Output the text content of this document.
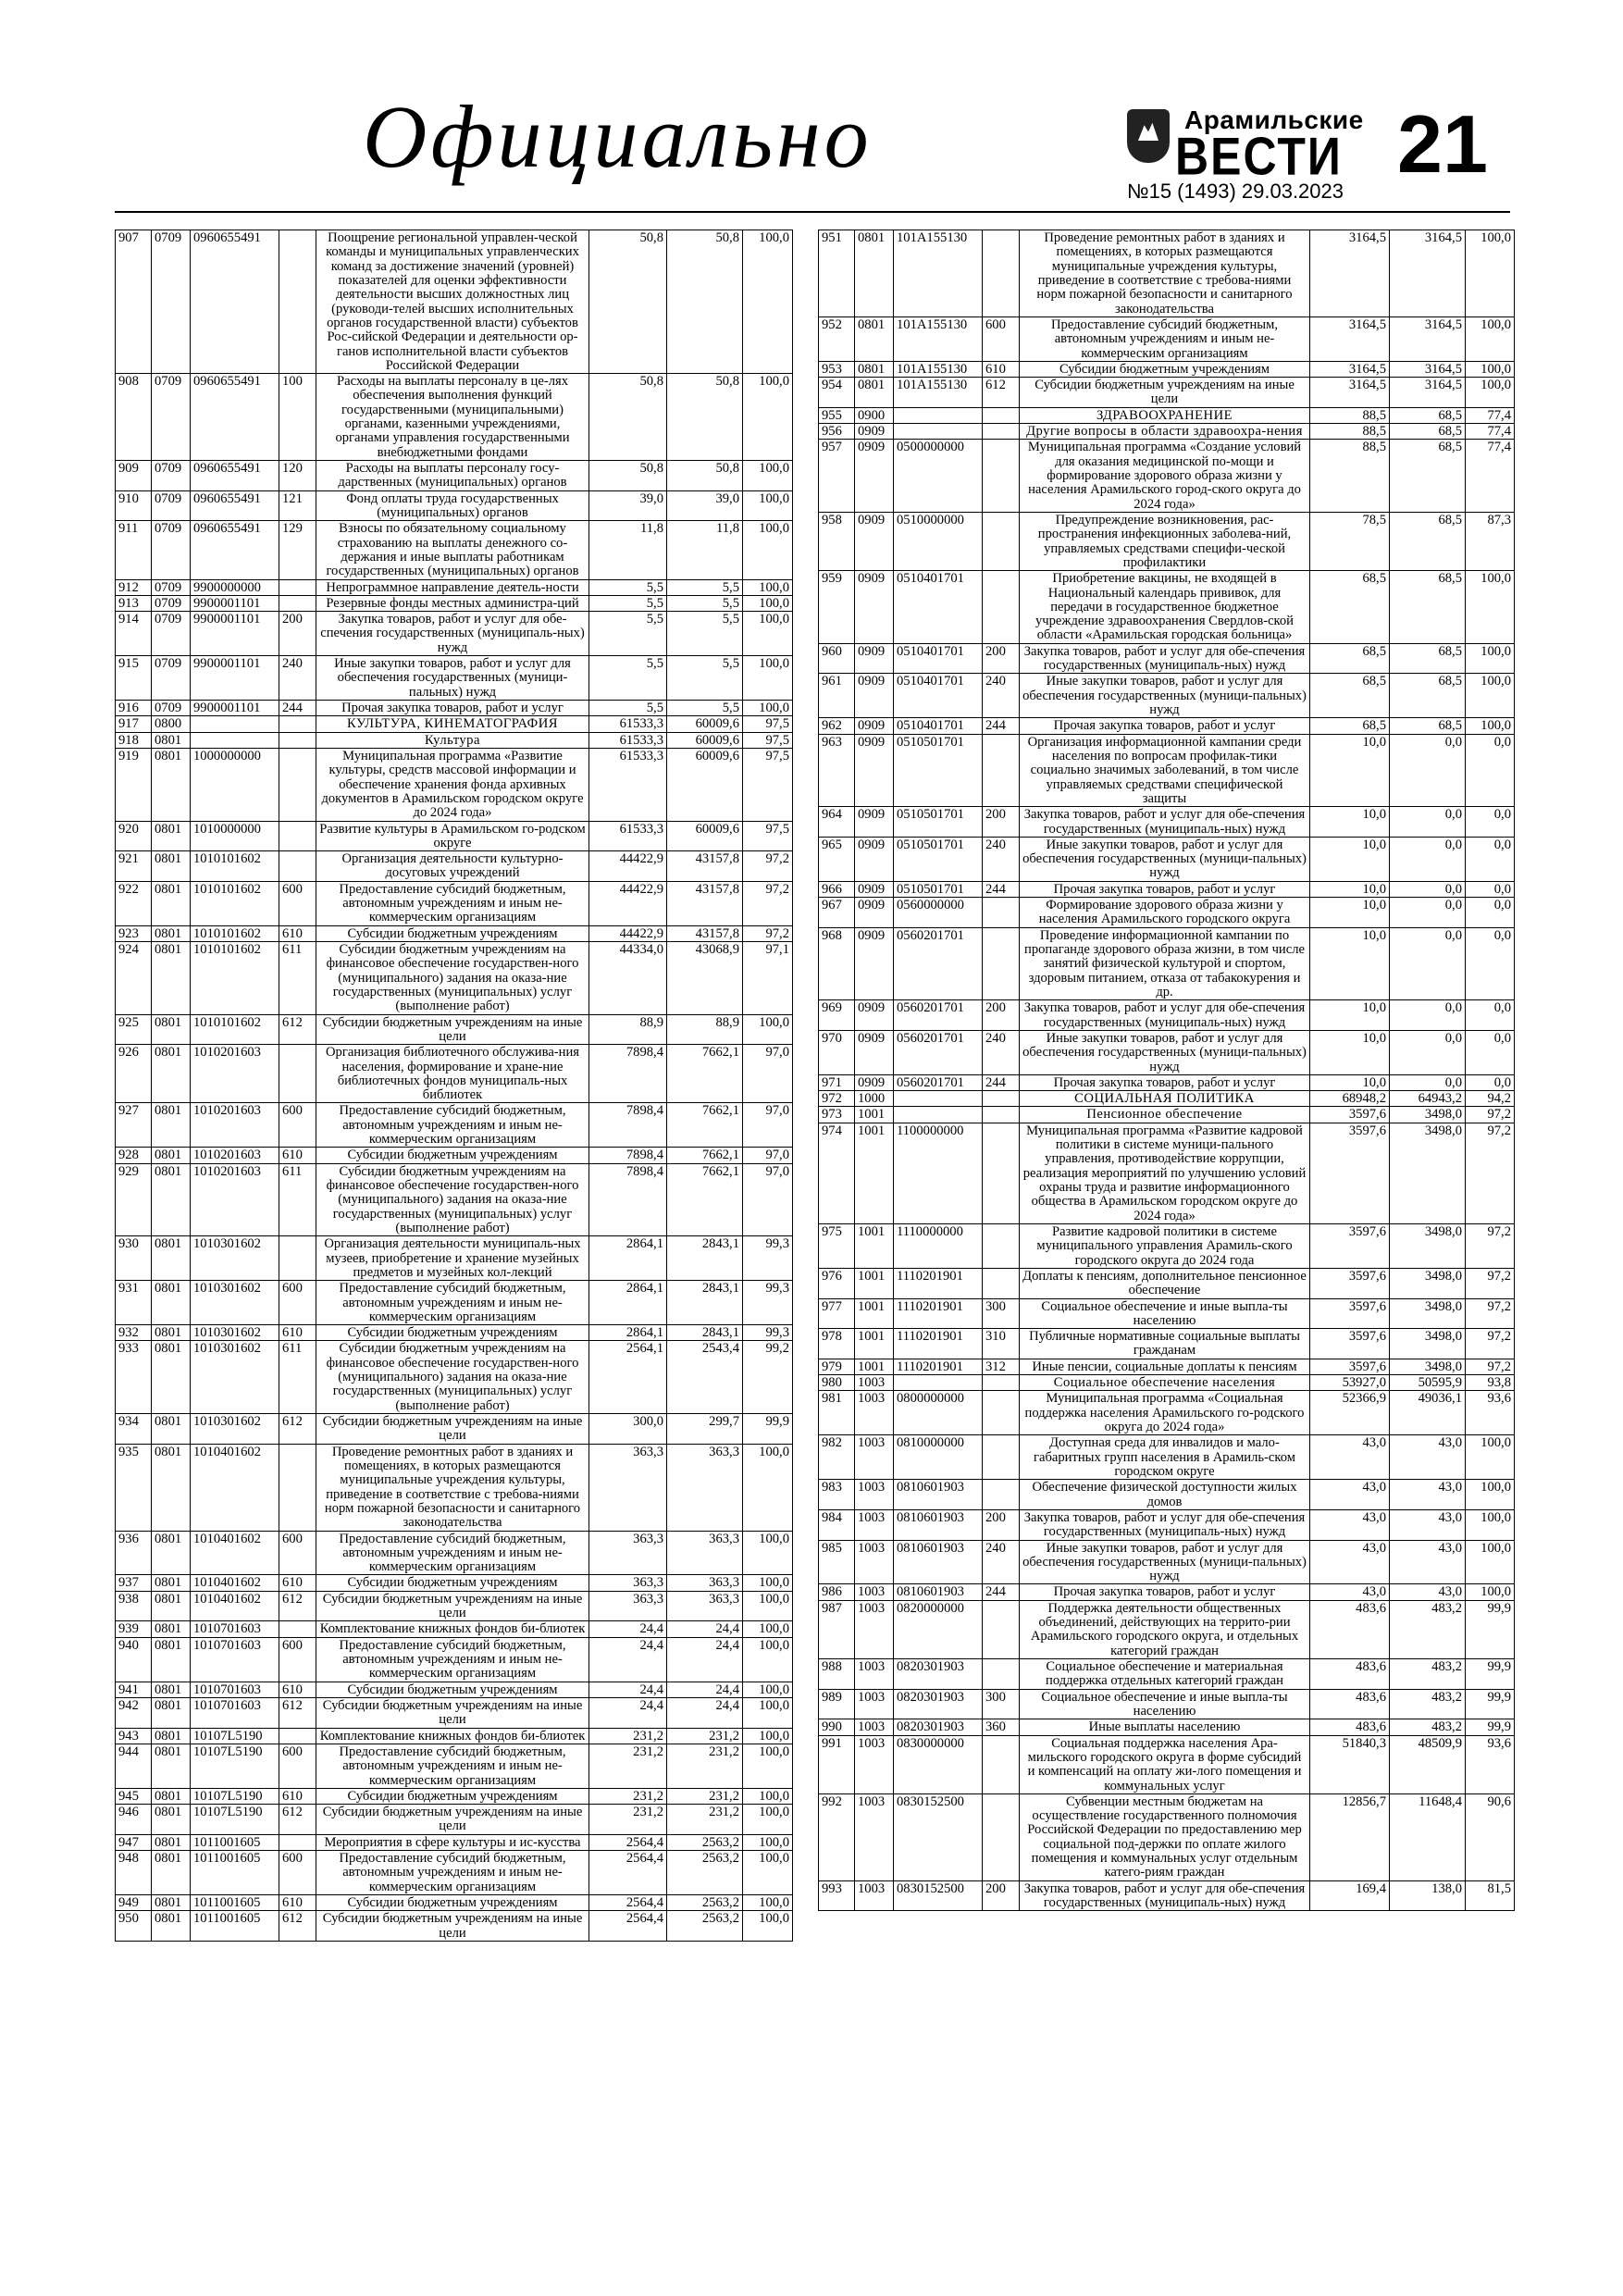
Официально	Арамильские
ВЕСТИ 21
№15 (1493) 29.03.2023
907	0709	0960655491		Поощрение региональной управлен-ческой команды и муниципальных управленческих команд за достижение значений (уровней) показателей для оценки эффективности деятельности высших должностных лиц (руководи-телей высших исполнительных органов государственной власти) субъектов Рос-сийской Федерации и деятельности ор-ганов исполнительной власти субъектов Российской Федерации	50,8	50,8	100,0
908	0709	0960655491	100	Расходы на выплаты персоналу в це-лях обеспечения выполнения функций государственными (муниципальными) органами, казенными учреждениями, органами управления государственными внебюджетными фондами	50,8	50,8	100,0
909	0709	0960655491	120	Расходы на выплаты персоналу госу-дарственных (муниципальных) органов	50,8	50,8	100,0
910	0709	0960655491	121	Фонд оплаты труда государственных (муниципальных) органов	39,0	39,0	100,0
911	0709	0960655491	129	Взносы по обязательному социальному страхованию на выплаты денежного со-держания и иные выплаты работникам государственных (муниципальных) органов	11,8	11,8	100,0
912	0709	9900000000		Непрограммное направление деятель-ности	5,5	5,5	100,0
913	0709	9900001101		Резервные фонды местных администра-ций	5,5	5,5	100,0
914	0709	9900001101	200	Закупка товаров, работ и услуг для обе-спечения государственных (муниципаль-ных) нужд	5,5	5,5	100,0
915	0709	9900001101	240	Иные закупки товаров, работ и услуг для обеспечения государственных (муници-пальных) нужд	5,5	5,5	100,0
916	0709	9900001101	244	Прочая закупка товаров, работ и услуг	5,5	5,5	100,0
917	0800			КУЛЬТУРА, КИНЕМАТОГРАФИЯ	61533,3	60009,6	97,5
918	0801			Культура	61533,3	60009,6	97,5
919	0801	1000000000		Муниципальная программа «Развитие культуры, средств массовой информации и обеспечение хранения фонда архивных документов в Арамильском городском округе до 2024 года»	61533,3	60009,6	97,5
920	0801	1010000000		Развитие культуры в Арамильском го-родском округе	61533,3	60009,6	97,5
921	0801	1010101602		Организация деятельности культурно-досуговых учреждений	44422,9	43157,8	97,2
922	0801	1010101602	600	Предоставление субсидий бюджетным, автономным учреждениям и иным не-коммерческим организациям	44422,9	43157,8	97,2
923	0801	1010101602	610	Субсидии бюджетным учреждениям	44422,9	43157,8	97,2
924	0801	1010101602	611	Субсидии бюджетным учреждениям на финансовое обеспечение государствен-ного (муниципального) задания на оказа-ние государственных (муниципальных) услуг (выполнение работ)	44334,0	43068,9	97,1
925	0801	1010101602	612	Субсидии бюджетным учреждениям на иные цели	88,9	88,9	100,0
926	0801	1010201603		Организация библиотечного обслужива-ния населения, формирование и хране-ние библиотечных фондов муниципаль-ных библиотек	7898,4	7662,1	97,0
927	0801	1010201603	600	Предоставление субсидий бюджетным, автономным учреждениям и иным не-коммерческим организациям	7898,4	7662,1	97,0
928	0801	1010201603	610	Субсидии бюджетным учреждениям	7898,4	7662,1	97,0
929	0801	1010201603	611	Субсидии бюджетным учреждениям на финансовое обеспечение государствен-ного (муниципального) задания на оказа-ние государственных (муниципальных) услуг (выполнение работ)	7898,4	7662,1	97,0
930	0801	1010301602		Организация деятельности муниципаль-ных музеев, приобретение и хранение музейных предметов и музейных кол-лекций	2864,1	2843,1	99,3
931	0801	1010301602	600	Предоставление субсидий бюджетным, автономным учреждениям и иным не-коммерческим организациям	2864,1	2843,1	99,3
932	0801	1010301602	610	Субсидии бюджетным учреждениям	2864,1	2843,1	99,3
933	0801	1010301602	611	Субсидии бюджетным учреждениям на финансовое обеспечение государствен-ного (муниципального) задания на оказа-ние государственных (муниципальных) услуг (выполнение работ)	2564,1	2543,4	99,2
934	0801	1010301602	612	Субсидии бюджетным учреждениям на иные цели	300,0	299,7	99,9
935	0801	1010401602		Проведение ремонтных работ в зданиях и помещениях, в которых размещаются муниципальные учреждения культуры, приведение в соответствие с требова-ниями норм пожарной безопасности и санитарного законодательства	363,3	363,3	100,0
936	0801	1010401602	600	Предоставление субсидий бюджетным, автономным учреждениям и иным не-коммерческим организациям	363,3	363,3	100,0
937	0801	1010401602	610	Субсидии бюджетным учреждениям	363,3	363,3	100,0
938	0801	1010401602	612	Субсидии бюджетным учреждениям на иные цели	363,3	363,3	100,0
939	0801	1010701603		Комплектование книжных фондов би-блиотек	24,4	24,4	100,0
940	0801	1010701603	600	Предоставление субсидий бюджетным, автономным учреждениям и иным не-коммерческим организациям	24,4	24,4	100,0
941	0801	1010701603	610	Субсидии бюджетным учреждениям	24,4	24,4	100,0
942	0801	1010701603	612	Субсидии бюджетным учреждениям на иные цели	24,4	24,4	100,0
943	0801	10107L5190		Комплектование книжных фондов би-блиотек	231,2	231,2	100,0
944	0801	10107L5190	600	Предоставление субсидий бюджетным, автономным учреждениям и иным не-коммерческим организациям	231,2	231,2	100,0
945	0801	10107L5190	610	Субсидии бюджетным учреждениям	231,2	231,2	100,0
946	0801	10107L5190	612	Субсидии бюджетным учреждениям на иные цели	231,2	231,2	100,0
947	0801	1011001605		Мероприятия в сфере культуры и ис-кусства	2564,4	2563,2	100,0
948	0801	1011001605	600	Предоставление субсидий бюджетным, автономным учреждениям и иным не-коммерческим организациям	2564,4	2563,2	100,0
949	0801	1011001605	610	Субсидии бюджетным учреждениям	2564,4	2563,2	100,0
950	0801	1011001605	612	Субсидии бюджетным учреждениям на иные цели	2564,4	2563,2	100,0
951	0801	101A155130		Проведение ремонтных работ в зданиях и помещениях, в которых размещаются муниципальные учреждения культуры, приведение в соответствие с требова-ниями норм пожарной безопасности и санитарного законодательства	3164,5	3164,5	100,0
952	0801	101A155130	600	Предоставление субсидий бюджетным, автономным учреждениям и иным не-коммерческим организациям	3164,5	3164,5	100,0
953	0801	101A155130	610	Субсидии бюджетным учреждениям	3164,5	3164,5	100,0
954	0801	101A155130	612	Субсидии бюджетным учреждениям на иные цели	3164,5	3164,5	100,0
955	0900			ЗДРАВООХРАНЕНИЕ	88,5	68,5	77,4
956	0909			Другие вопросы в области здравоохра-нения	88,5	68,5	77,4
957	0909	0500000000		Муниципальная программа «Создание условий для оказания медицинской по-мощи и формирование здорового образа жизни у населения Арамильского город-ского округа до 2024 года»	88,5	68,5	77,4
958	0909	0510000000		Предупреждение возникновения, рас-пространения инфекционных заболева-ний, управляемых средствами специфи-ческой профилактики	78,5	68,5	87,3
959	0909	0510401701		Приобретение вакцины, не входящей в Национальный календарь прививок, для передачи в государственное бюджетное учреждение здравоохранения Свердлов-ской области «Арамильская городская больница»	68,5	68,5	100,0
960	0909	0510401701	200	Закупка товаров, работ и услуг для обе-спечения государственных (муниципаль-ных) нужд	68,5	68,5	100,0
961	0909	0510401701	240	Иные закупки товаров, работ и услуг для обеспечения государственных (муници-пальных) нужд	68,5	68,5	100,0
962	0909	0510401701	244	Прочая закупка товаров, работ и услуг	68,5	68,5	100,0
963	0909	0510501701		Организация информационной кампании среди населения по вопросам профилак-тики социально значимых заболеваний, в том числе управляемых средствами специфической защиты	10,0	0,0	0,0
964	0909	0510501701	200	Закупка товаров, работ и услуг для обе-спечения государственных (муниципаль-ных) нужд	10,0	0,0	0,0
965	0909	0510501701	240	Иные закупки товаров, работ и услуг для обеспечения государственных (муници-пальных) нужд	10,0	0,0	0,0
966	0909	0510501701	244	Прочая закупка товаров, работ и услуг	10,0	0,0	0,0
967	0909	0560000000		Формирование здорового образа жизни у населения Арамильского городского округа	10,0	0,0	0,0
968	0909	0560201701		Проведение информационной кампании по пропаганде здорового образа жизни, в том числе занятий физической культурой и спортом, здоровым питанием, отказа от табакокурения и др.	10,0	0,0	0,0
969	0909	0560201701	200	Закупка товаров, работ и услуг для обе-спечения государственных (муниципаль-ных) нужд	10,0	0,0	0,0
970	0909	0560201701	240	Иные закупки товаров, работ и услуг для обеспечения государственных (муници-пальных) нужд	10,0	0,0	0,0
971	0909	0560201701	244	Прочая закупка товаров, работ и услуг	10,0	0,0	0,0
972	1000			СОЦИАЛЬНАЯ ПОЛИТИКА	68948,2	64943,2	94,2
973	1001			Пенсионное обеспечение	3597,6	3498,0	97,2
974	1001	1100000000		Муниципальная программа «Развитие кадровой политики в системе муници-пального управления, противодействие коррупции, реализация мероприятий по улучшению условий охраны труда и развитие информационного общества в Арамильском городском округе до 2024 года»	3597,6	3498,0	97,2
975	1001	1110000000		Развитие кадровой политики в системе муниципального управления Арамиль-ского городского округа до 2024 года	3597,6	3498,0	97,2
976	1001	1110201901		Доплаты к пенсиям, дополнительное пенсионное обеспечение	3597,6	3498,0	97,2
977	1001	1110201901	300	Социальное обеспечение и иные выпла-ты населению	3597,6	3498,0	97,2
978	1001	1110201901	310	Публичные нормативные социальные выплаты гражданам	3597,6	3498,0	97,2
979	1001	1110201901	312	Иные пенсии, социальные доплаты к пенсиям	3597,6	3498,0	97,2
980	1003			Социальное обеспечение населения	53927,0	50595,9	93,8
981	1003	0800000000		Муниципальная программа «Социальная поддержка населения Арамильского го-родского округа до 2024 года»	52366,9	49036,1	93,6
982	1003	0810000000		Доступная среда для инвалидов и мало-габаритных групп населения в Арамиль-ском городском округе	43,0	43,0	100,0
983	1003	0810601903		Обеспечение физической доступности жилых домов	43,0	43,0	100,0
984	1003	0810601903	200	Закупка товаров, работ и услуг для обе-спечения государственных (муниципаль-ных) нужд	43,0	43,0	100,0
985	1003	0810601903	240	Иные закупки товаров, работ и услуг для обеспечения государственных (муници-пальных) нужд	43,0	43,0	100,0
986	1003	0810601903	244	Прочая закупка товаров, работ и услуг	43,0	43,0	100,0
987	1003	0820000000		Поддержка деятельности общественных объединений, действующих на террито-рии Арамильского городского округа, и отдельных категорий граждан	483,6	483,2	99,9
988	1003	0820301903		Социальное обеспечение и материальная поддержка отдельных категорий граждан	483,6	483,2	99,9
989	1003	0820301903	300	Социальное обеспечение и иные выпла-ты населению	483,6	483,2	99,9
990	1003	0820301903	360	Иные выплаты населению	483,6	483,2	99,9
991	1003	0830000000		Социальная поддержка населения Ара-мильского городского округа в форме субсидий и компенсаций на оплату жи-лого помещения и коммунальных услуг	51840,3	48509,9	93,6
992	1003	0830152500		Субвенции местным бюджетам на осуществление государственного полномочия Российской Федерации по предоставлению мер социальной под-держки по оплате жилого помещения и коммунальных услуг отдельным катего-риям граждан	12856,7	11648,4	90,6
993	1003	0830152500	200	Закупка товаров, работ и услуг для обе-спечения государственных (муниципаль-ных) нужд	169,4	138,0	81,5
